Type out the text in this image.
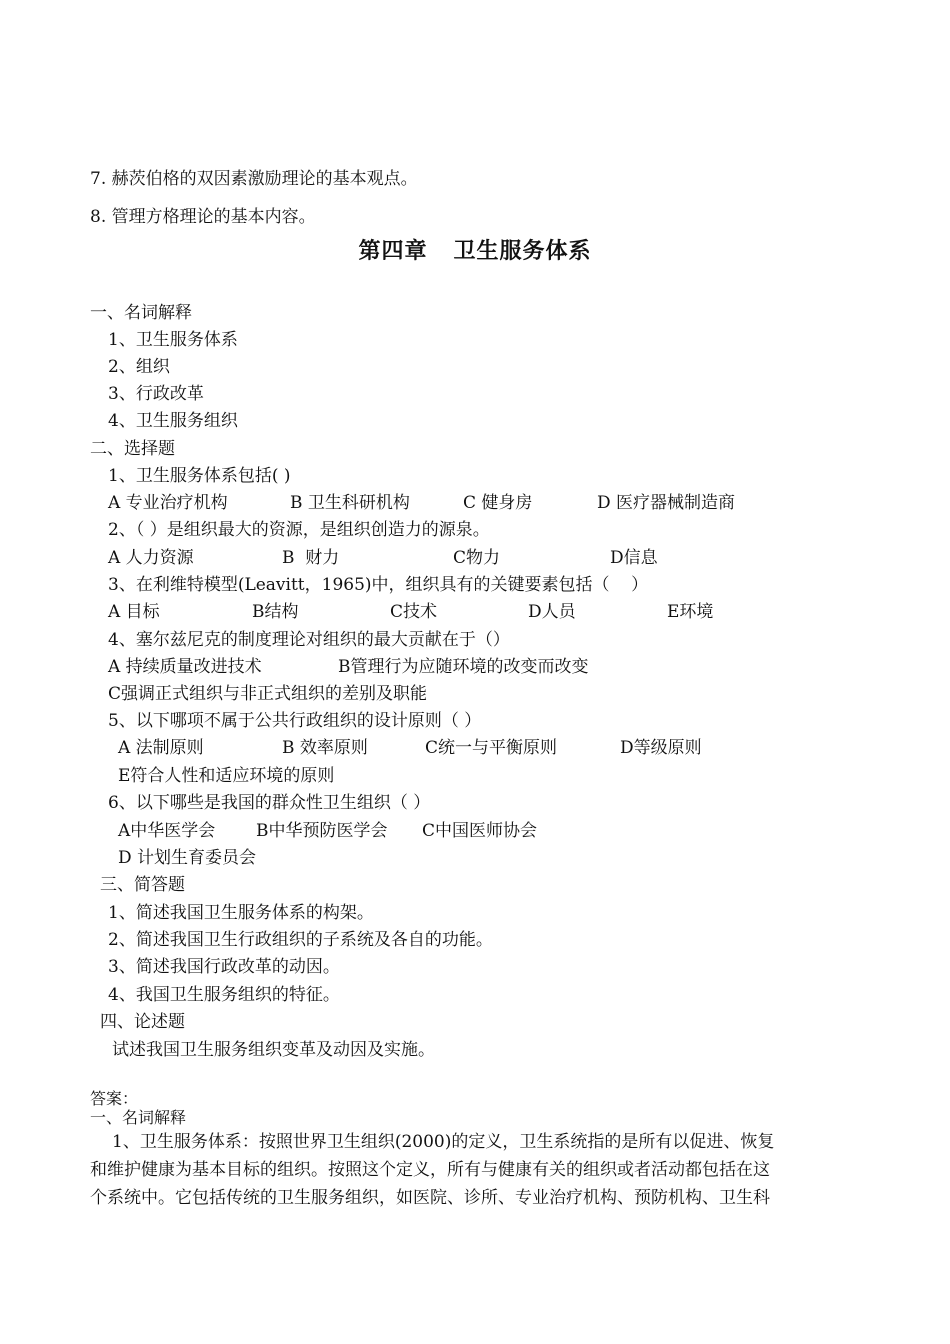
7. 赫茨伯格的双因素激励理论的基本观点。
8. 管理方格理论的基本内容。
第四章 卫生服务体系
一、名词解释
1、卫生服务体系
2、组织
3、行政改革
4、卫生服务组织
二、选择题
1、卫生服务体系包括( )
A 专业治疗机构	B 卫生科研机构	C 健身房	D 医疗器械制造商
2、（ ）是组织最大的资源，是组织创造力的源泉。
A 人力资源	B  财力	C物力	D信息
3、在利维特模型(Leavitt，1965)中，组织具有的关键要素包括（    ）
A 目标	B结构	C技术	D人员	E环境
4、塞尔兹尼克的制度理论对组织的最大贡献在于（）
A 持续质量改进技术	B管理行为应随环境的改变而改变
C强调正式组织与非正式组织的差别及职能
5、以下哪项不属于公共行政组织的设计原则（ ）
A 法制原则	B 效率原则	C统一与平衡原则	D等级原则
E符合人性和适应环境的原则
6、以下哪些是我国的群众性卫生组织（ ）
A中华医学会 B中华预防医学会 C中国医师协会
D 计划生育委员会
三、简答题
1、简述我国卫生服务体系的构架。
2、简述我国卫生行政组织的子系统及各自的功能。
3、简述我国行政改革的动因。
4、我国卫生服务组织的特征。
四、论述题
试述我国卫生服务组织变革及动因及实施。
答案：
一、名词解释
1、卫生服务体系：按照世界卫生组织(2000)的定义，卫生系统指的是所有以促进、恢复
和维护健康为基本目标的组织。按照这个定义，所有与健康有关的组织或者活动都包括在这
个系统中。它包括传统的卫生服务组织，如医院、诊所、专业治疗机构、预防机构、卫生科
